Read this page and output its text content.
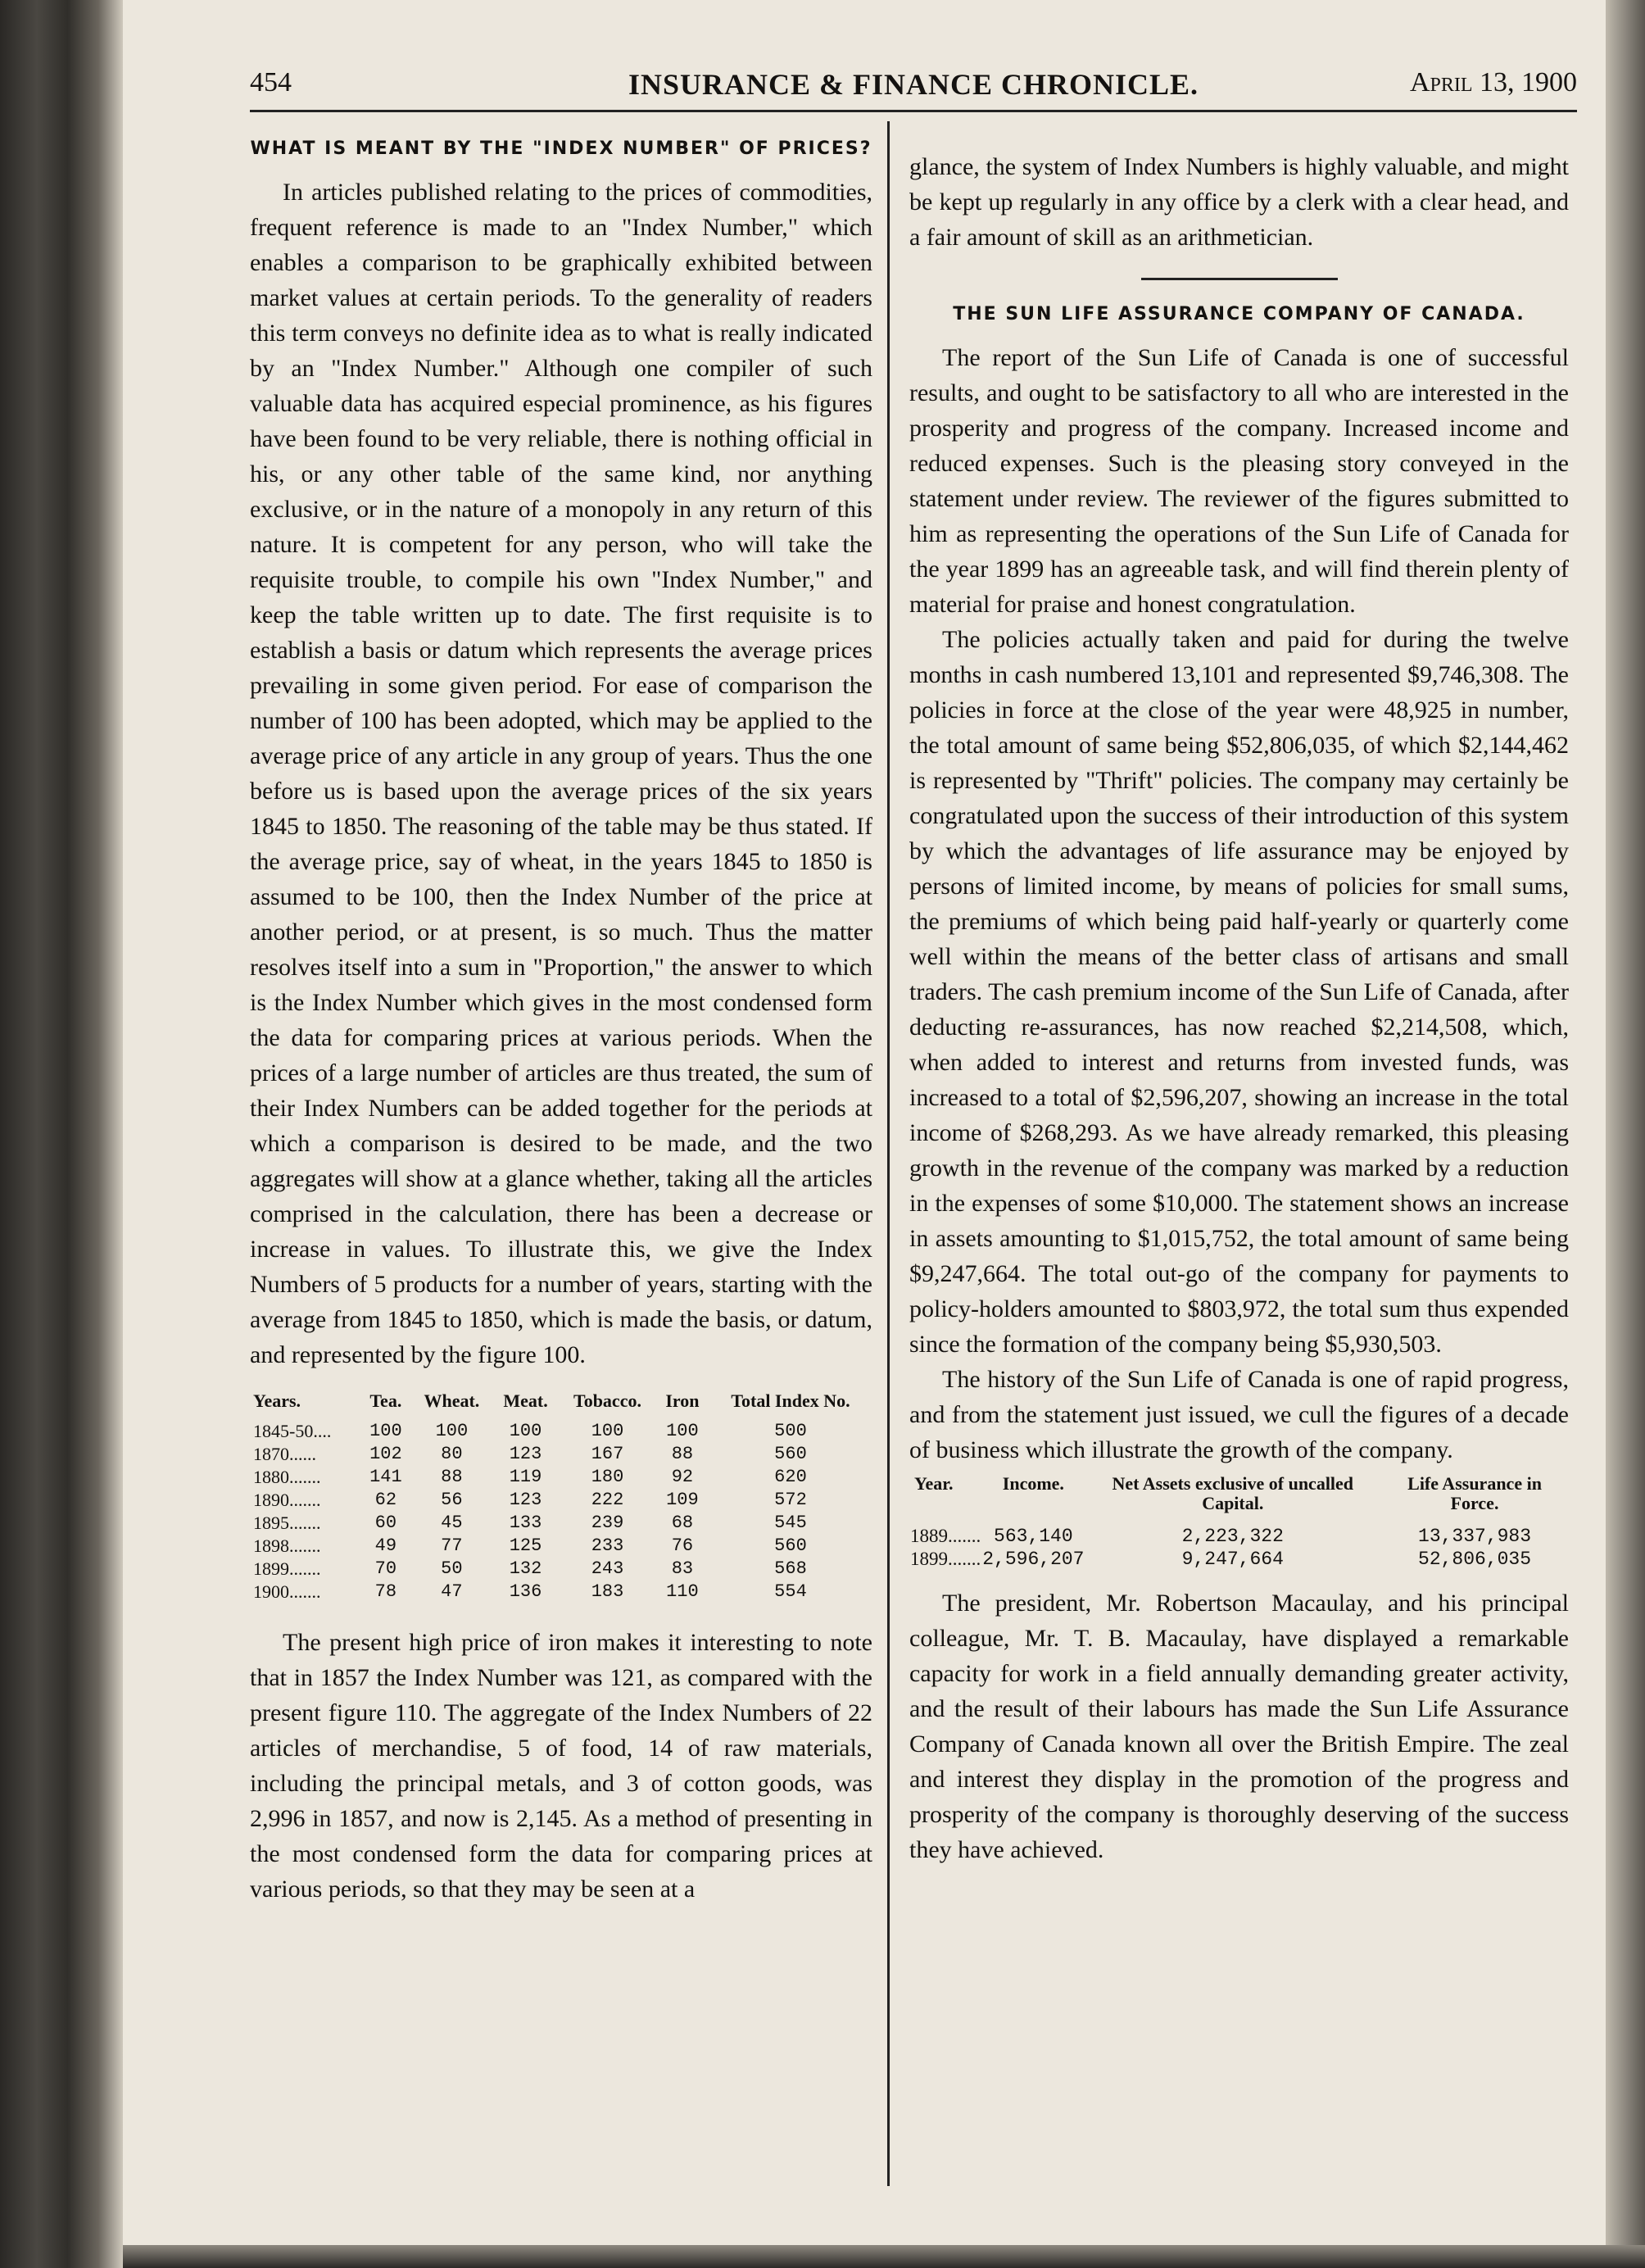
454	INSURANCE & FINANCE CHRONICLE.	April 13, 1900
WHAT IS MEANT BY THE "INDEX NUMBER" OF PRICES?

In articles published relating to the prices of commodities, frequent reference is made to an "Index Number," which enables a comparison to be graphically exhibited between market values at certain periods. To the generality of readers this term conveys no definite idea as to what is really indicated by an "Index Number." Although one compiler of such valuable data has acquired especial prominence, as his figures have been found to be very reliable, there is nothing official in his, or any other table of the same kind, nor anything exclusive, or in the nature of a monopoly in any return of this nature. It is competent for any person, who will take the requisite trouble, to compile his own "Index Number," and keep the table written up to date. The first requisite is to establish a basis or datum which represents the average prices prevailing in some given period. For ease of comparison the number of 100 has been adopted, which may be applied to the average price of any article in any group of years. Thus the one before us is based upon the average prices of the six years 1845 to 1850. The reasoning of the table may be thus stated. If the average price, say of wheat, in the years 1845 to 1850 is assumed to be 100, then the Index Number of the price at another period, or at present, is so much. Thus the matter resolves itself into a sum in "Proportion," the answer to which is the Index Number which gives in the most condensed form the data for comparing prices at various periods. When the prices of a large number of articles are thus treated, the sum of their Index Numbers can be added together for the periods at which a comparison is desired to be made, and the two aggregates will show at a glance whether, taking all the articles comprised in the calculation, there has been a decrease or increase in values. To illustrate this, we give the Index Numbers of 5 products for a number of years, starting with the average from 1845 to 1850, which is made the basis, or datum, and represented by the figure 100.

Years.	Tea.	Wheat.	Meat.	Tobacco.	Iron	Total Index No.
1845-50....	100	100	100	100	100	500
1870......	102	80	123	167	88	560
1880.......	141	88	119	180	92	620
1890.......	62	56	123	222	109	572
1895.......	60	45	133	239	68	545
1898.......	49	77	125	233	76	560
1899.......	70	50	132	243	83	568
1900.......	78	47	136	183	110	554

The present high price of iron makes it interesting to note that in 1857 the Index Number was 121, as compared with the present figure 110. The aggregate of the Index Numbers of 22 articles of merchandise, 5 of food, 14 of raw materials, including the principal metals, and 3 of cotton goods, was 2,996 in 1857, and now is 2,145. As a method of presenting in the most condensed form the data for comparing prices at various periods, so that they may be seen at a

glance, the system of Index Numbers is highly valuable, and might be kept up regularly in any office by a clerk with a clear head, and a fair amount of skill as an arithmetician.

THE SUN LIFE ASSURANCE COMPANY OF CANADA.

The report of the Sun Life of Canada is one of successful results, and ought to be satisfactory to all who are interested in the prosperity and progress of the company. Increased income and reduced expenses. Such is the pleasing story conveyed in the statement under review. The reviewer of the figures submitted to him as representing the operations of the Sun Life of Canada for the year 1899 has an agreeable task, and will find therein plenty of material for praise and honest congratulation.

The policies actually taken and paid for during the twelve months in cash numbered 13,101 and represented $9,746,308. The policies in force at the close of the year were 48,925 in number, the total amount of same being $52,806,035, of which $2,144,462 is represented by "Thrift" policies. The company may certainly be congratulated upon the success of their introduction of this system by which the advantages of life assurance may be enjoyed by persons of limited income, by means of policies for small sums, the premiums of which being paid half-yearly or quarterly come well within the means of the better class of artisans and small traders. The cash premium income of the Sun Life of Canada, after deducting re-assurances, has now reached $2,214,508, which, when added to interest and returns from invested funds, was increased to a total of $2,596,207, showing an increase in the total income of $268,293. As we have already remarked, this pleasing growth in the revenue of the company was marked by a reduction in the expenses of some $10,000. The statement shows an increase in assets amounting to $1,015,752, the total amount of same being $9,247,664. The total out-go of the company for payments to policy-holders amounted to $803,972, the total sum thus expended since the formation of the company being $5,930,503.

The history of the Sun Life of Canada is one of rapid progress, and from the statement just issued, we cull the figures of a decade of business which illustrate the growth of the company.

Year.	Income.	Net Assets exclusive of uncalled Capital.	Life Assurance in Force.
1889.......	563,140	2,223,322	13,337,983
1899.......	2,596,207	9,247,664	52,806,035

The president, Mr. Robertson Macaulay, and his principal colleague, Mr. T. B. Macaulay, have displayed a remarkable capacity for work in a field annually demanding greater activity, and the result of their labours has made the Sun Life Assurance Company of Canada known all over the British Empire. The zeal and interest they display in the promotion of the progress and prosperity of the company is thoroughly deserving of the success they have achieved.
